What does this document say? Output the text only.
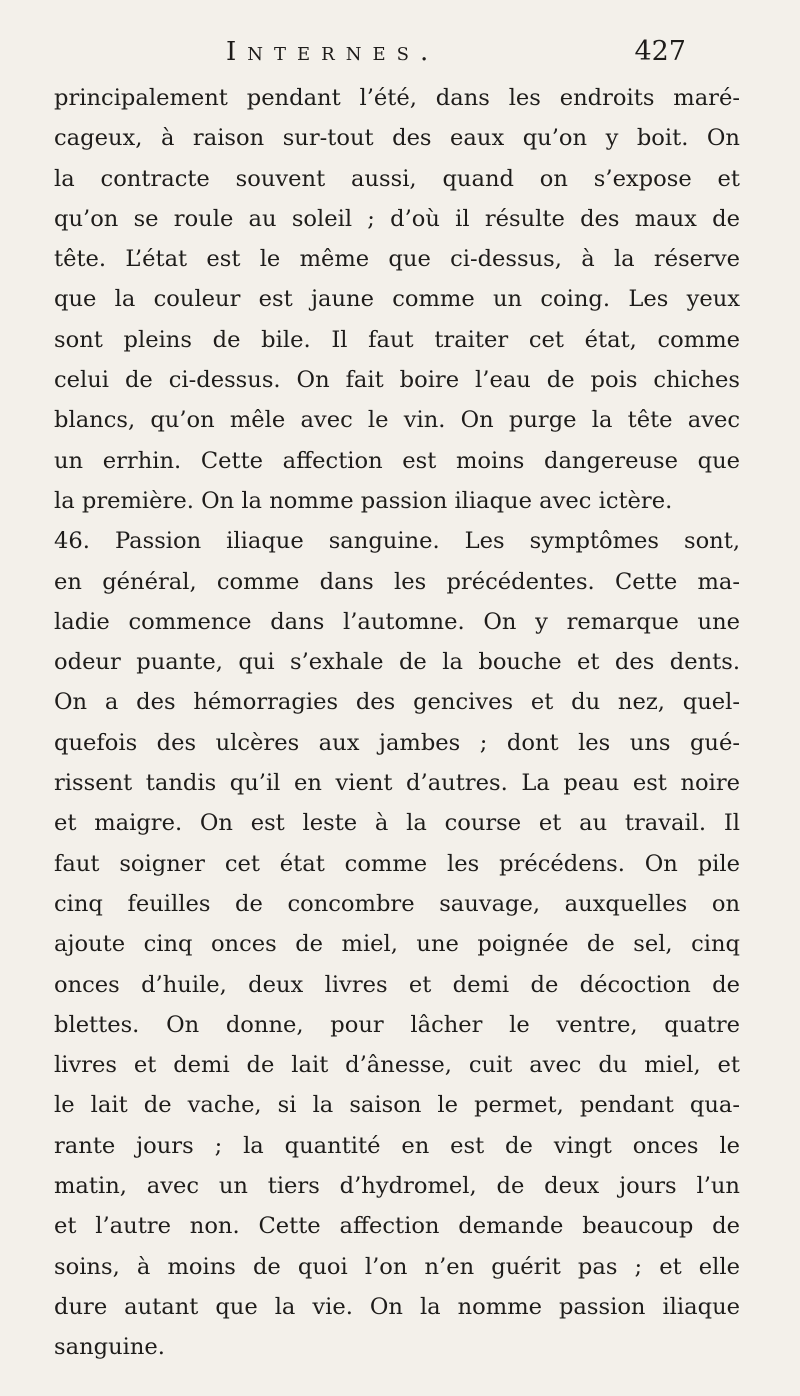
Internes.	427
principalement pendant l’été, dans les endroits maré-
cageux, à raison sur-tout des eaux qu’on y boit. On
la contracte souvent aussi, quand on s’expose et
qu’on se roule au soleil ; d’où il résulte des maux de
tête. L’état est le même que ci-dessus, à la réserve
que la couleur est jaune comme un coing. Les yeux
sont pleins de bile. Il faut traiter cet état, comme
celui de ci-dessus. On fait boire l’eau de pois chiches
blancs, qu’on mêle avec le vin. On purge la tête avec
un errhin. Cette affection est moins dangereuse que
la première. On la nomme passion iliaque avec ictère.
46. Passion iliaque sanguine. Les symptômes sont,
en général, comme dans les précédentes. Cette ma-
ladie commence dans l’automne. On y remarque une
odeur puante, qui s’exhale de la bouche et des dents.
On a des hémorragies des gencives et du nez, quel-
quefois des ulcères aux jambes ; dont les uns gué-
rissent tandis qu’il en vient d’autres. La peau est noire
et maigre. On est leste à la course et au travail. Il
faut soigner cet état comme les précédens. On pile
cinq feuilles de concombre sauvage, auxquelles on
ajoute cinq onces de miel, une poignée de sel, cinq
onces d’huile, deux livres et demi de décoction de
blettes. On donne, pour lâcher le ventre, quatre
livres et demi de lait d’ânesse, cuit avec du miel, et
le lait de vache, si la saison le permet, pendant qua-
rante jours ; la quantité en est de vingt onces le
matin, avec un tiers d’hydromel, de deux jours l’un
et l’autre non. Cette affection demande beaucoup de
soins, à moins de quoi l’on n’en guérit pas ; et elle
dure autant que la vie. On la nomme passion iliaque
sanguine.
